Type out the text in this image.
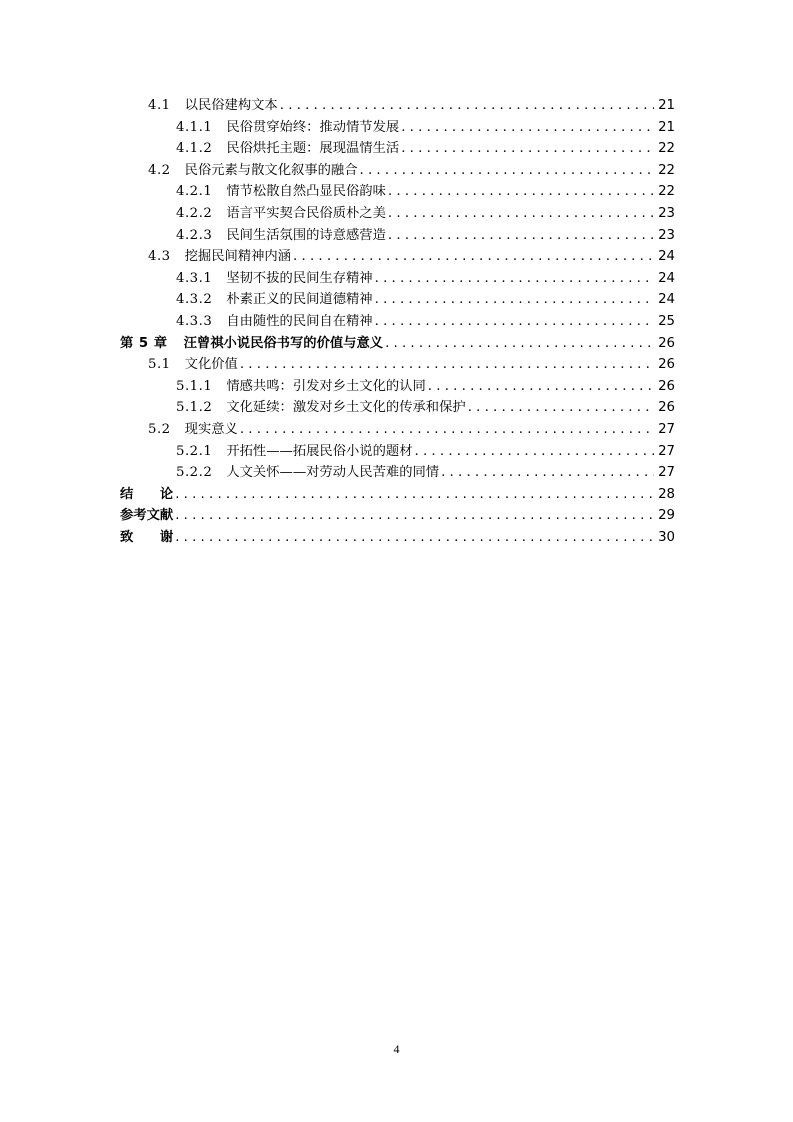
4.1 以民俗建构文本 . . .	21
4.1.1 民俗贯穿始终：推动情节发展 . . .	21
4.1.2 民俗烘托主题：展现温情生活 . . .	22
4.2 民俗元素与散文化叙事的融合 . . .	22
4.2.1 情节松散自然凸显民俗韵味 . . .	22
4.2.2 语言平实契合民俗质朴之美 . . .	23
4.2.3 民间生活氛围的诗意感营造 . . .	23
4.3 挖掘民间精神内涵 . . .	24
4.3.1 坚韧不拔的民间生存精神 . . .	24
4.3.2 朴素正义的民间道德精神 . . .	24
4.3.3 自由随性的民间自在精神 . . .	25
第 5 章 汪曾祺小说民俗书写的价值与意义 . . .	26
5.1 文化价值 . . .	26
5.1.1 情感共鸣：引发对乡土文化的认同 . . .	26
5.1.2 文化延续：激发对乡土文化的传承和保护 . . .	26
5.2 现实意义 . . .	27
5.2.1 开拓性——拓展民俗小说的题材 . . .	27
5.2.2 人文关怀——对劳动人民苦难的同情 . . .	27
结　　论 . . .	28
参考文献 . . .	29
致　　谢 . . .	30
4
